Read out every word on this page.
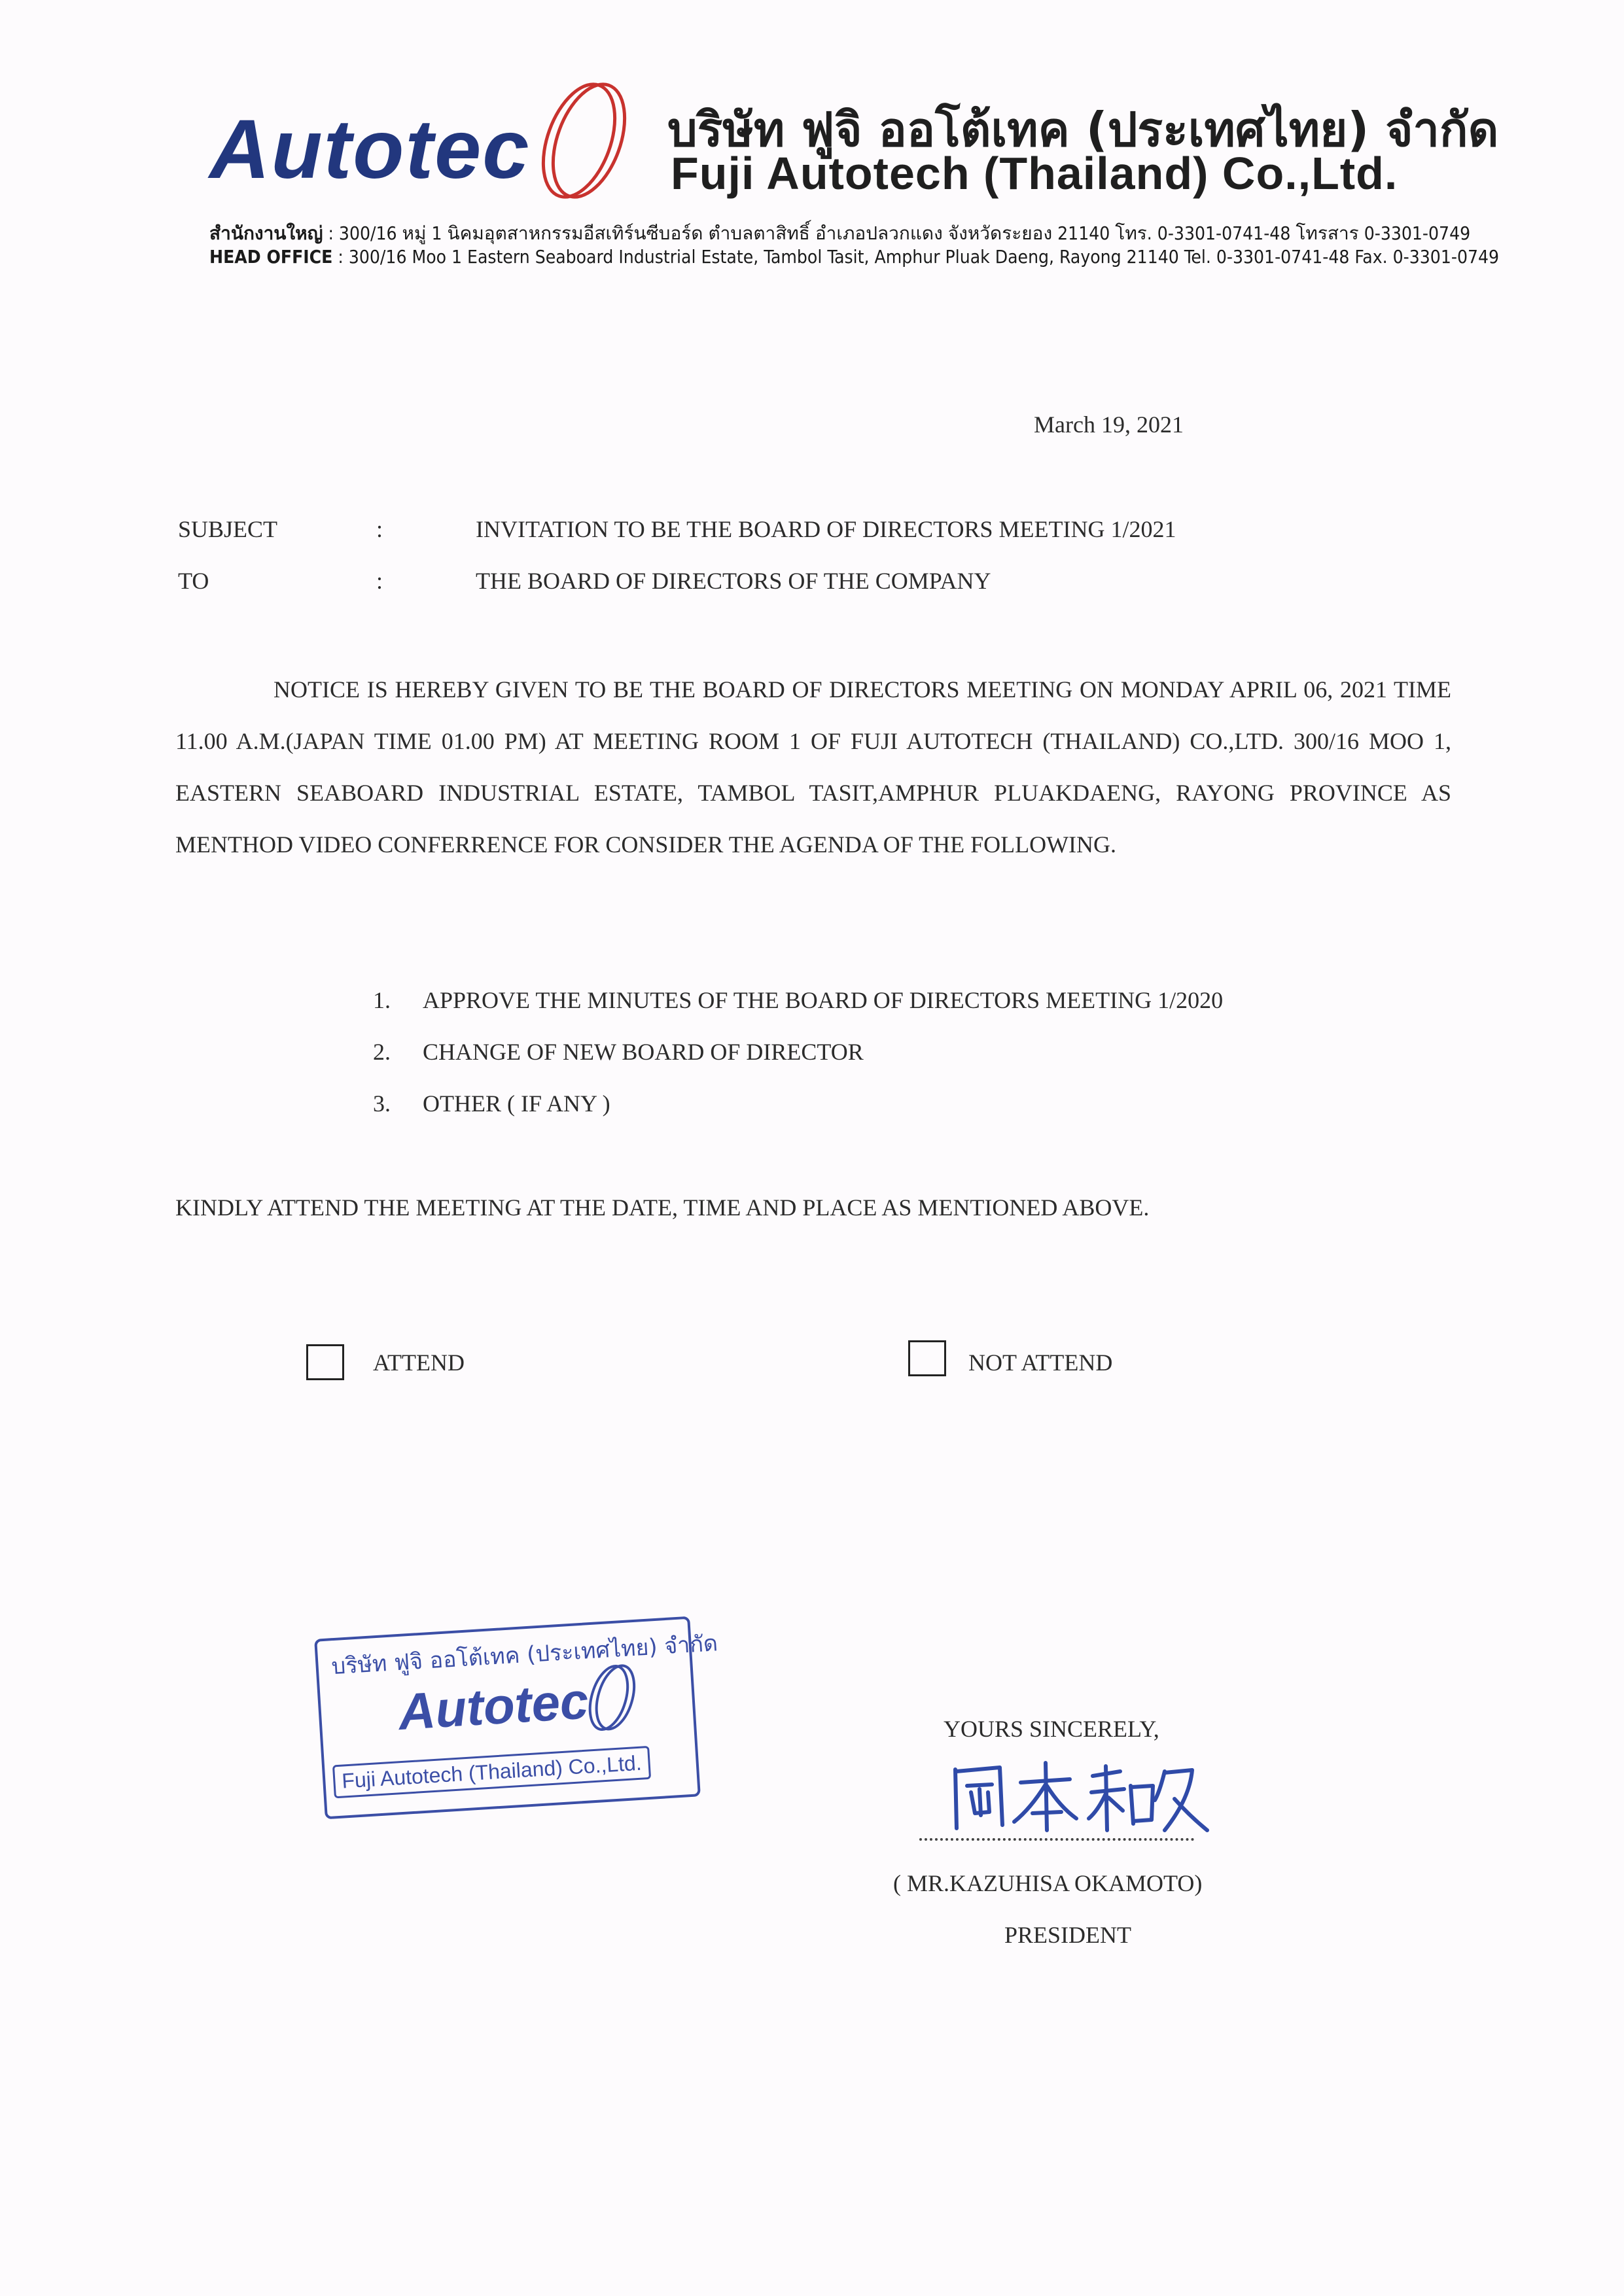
Autotec	บริษัท ฟูจิ ออโต้เทค (ประเทศไทย) จำกัด
Fuji Autotech (Thailand) Co.,Ltd.
สำนักงานใหญ่ : 300/16 หมู่ 1 นิคมอุตสาหกรรมอีสเทิร์นซีบอร์ด ตำบลตาสิทธิ์ อำเภอปลวกแดง จังหวัดระยอง 21140 โทร. 0-3301-0741-48 โทรสาร 0-3301-0749
HEAD OFFICE : 300/16 Moo 1 Eastern Seaboard Industrial Estate, Tambol Tasit, Amphur Pluak Daeng, Rayong 21140 Tel. 0-3301-0741-48 Fax. 0-3301-0749
March 19, 2021
SUBJECT	:	INVITATION TO BE THE BOARD OF DIRECTORS MEETING 1/2021
TO	:	THE BOARD OF DIRECTORS OF THE COMPANY
NOTICE IS HEREBY GIVEN TO BE THE BOARD OF DIRECTORS MEETING ON MONDAY APRIL 06, 2021 TIME 11.00 A.M.(JAPAN TIME 01.00 PM) AT MEETING ROOM 1 OF FUJI AUTOTECH (THAILAND) CO.,LTD. 300/16 MOO 1, EASTERN SEABOARD INDUSTRIAL ESTATE, TAMBOL TASIT,AMPHUR PLUAKDAENG, RAYONG PROVINCE AS MENTHOD VIDEO CONFERRENCE FOR CONSIDER THE AGENDA OF THE FOLLOWING.
1. APPROVE THE MINUTES OF THE BOARD OF DIRECTORS MEETING 1/2020
2. CHANGE OF NEW BOARD OF DIRECTOR
3. OTHER ( IF ANY )
KINDLY ATTEND THE MEETING AT THE DATE, TIME AND PLACE AS MENTIONED ABOVE.
ATTEND	NOT ATTEND
บริษัท ฟูจิ ออโต้เทค (ประเทศไทย) จำกัด
Autotec
Fuji Autotech (Thailand) Co.,Ltd.
YOURS SINCERELY,
( MR.KAZUHISA OKAMOTO)
PRESIDENT
